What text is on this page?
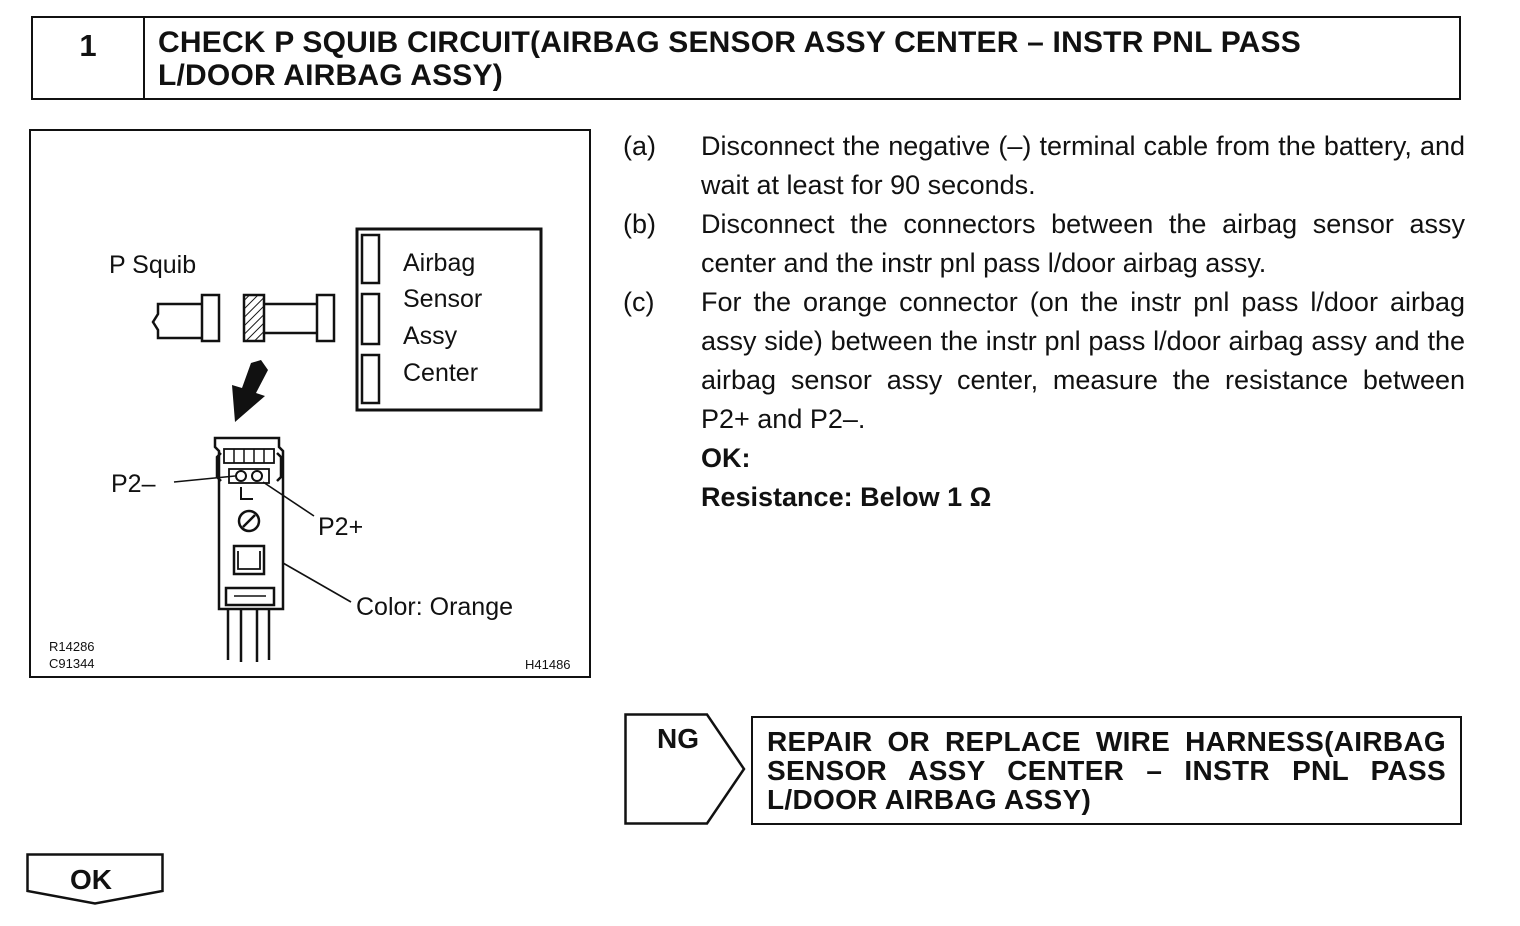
1	CHECK P SQUIB CIRCUIT(AIRBAG SENSOR ASSY CENTER – INSTR PNL PASS
L/DOOR AIRBAG ASSY)
P Squib	Airbag
Sensor
Assy
Center
P2–
P2+
Color: Orange
R14286
C91344	H41486
(a)	Disconnect the negative (–) terminal cable from the battery, and wait at least for 90 seconds.
(b)	Disconnect the connectors between the airbag sensor assy center and the instr pnl pass l/door airbag assy.
(c)	For the orange connector (on the instr pnl pass l/door airbag assy side) between the instr pnl pass l/door airbag assy and the airbag sensor assy center, measure the resistance between P2+ and P2–.
OK:
Resistance: Below 1 Ω
NG	REPAIR OR REPLACE WIRE HARNESS(AIRBAG SENSOR ASSY CENTER – INSTR PNL PASS L/DOOR AIRBAG ASSY)
OK
